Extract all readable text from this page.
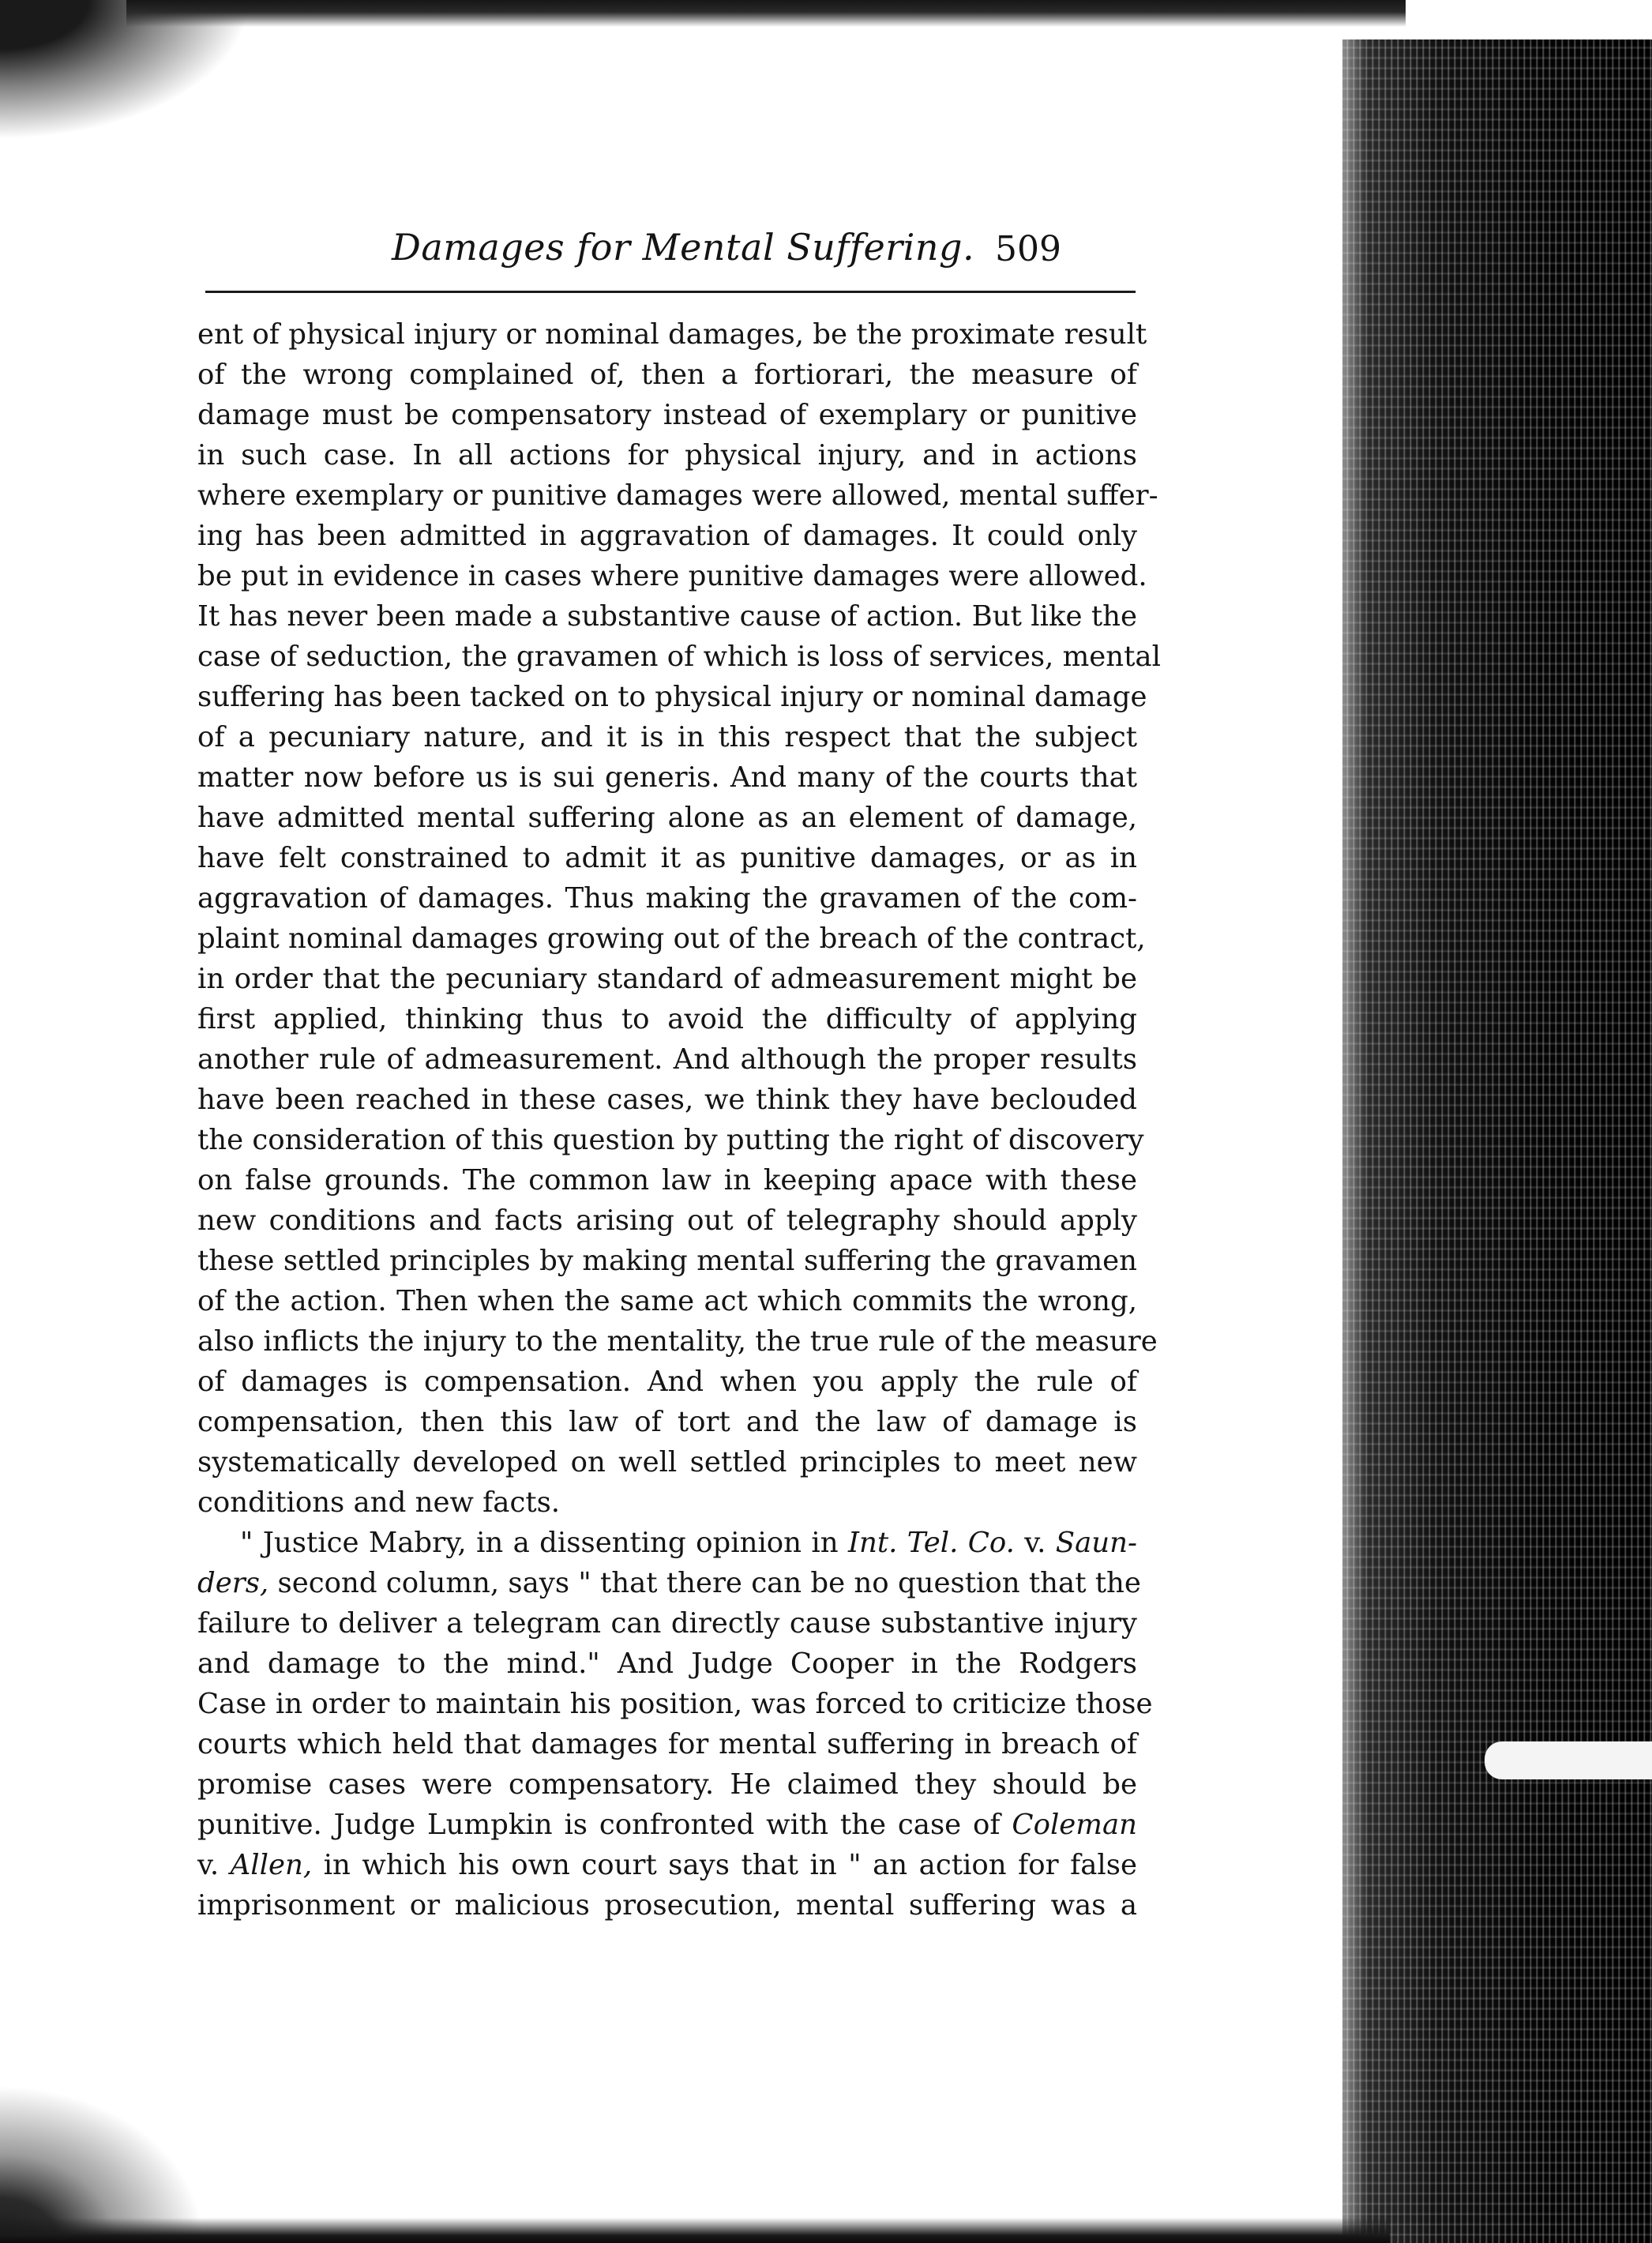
Damages for Mental Suffering. 509
ent of physical injury or nominal damages, be the proximate result
of the wrong complained of, then a fortiorari, the measure of
damage must be compensatory instead of exemplary or punitive
in such case. In all actions for physical injury, and in actions
where exemplary or punitive damages were allowed, mental suffer-
ing has been admitted in aggravation of damages. It could only
be put in evidence in cases where punitive damages were allowed.
It has never been made a substantive cause of action. But like the
case of seduction, the gravamen of which is loss of services, mental
suffering has been tacked on to physical injury or nominal damage
of a pecuniary nature, and it is in this respect that the subject
matter now before us is sui generis. And many of the courts that
have admitted mental suffering alone as an element of damage,
have felt constrained to admit it as punitive damages, or as in
aggravation of damages. Thus making the gravamen of the com-
plaint nominal damages growing out of the breach of the contract,
in order that the pecuniary standard of admeasurement might be
first applied, thinking thus to avoid the difficulty of applying
another rule of admeasurement. And although the proper results
have been reached in these cases, we think they have beclouded
the consideration of this question by putting the right of discovery
on false grounds. The common law in keeping apace with these
new conditions and facts arising out of telegraphy should apply
these settled principles by making mental suffering the gravamen
of the action. Then when the same act which commits the wrong,
also inflicts the injury to the mentality, the true rule of the measure
of damages is compensation. And when you apply the rule of
compensation, then this law of tort and the law of damage is
systematically developed on well settled principles to meet new
conditions and new facts.
" Justice Mabry, in a dissenting opinion in Int. Tel. Co. v. Saun-
ders, second column, says " that there can be no question that the
failure to deliver a telegram can directly cause substantive injury
and damage to the mind." And Judge Cooper in the Rodgers
Case in order to maintain his position, was forced to criticize those
courts which held that damages for mental suffering in breach of
promise cases were compensatory. He claimed they should be
punitive. Judge Lumpkin is confronted with the case of Coleman
v. Allen, in which his own court says that in " an action for false
imprisonment or malicious prosecution, mental suffering was a
